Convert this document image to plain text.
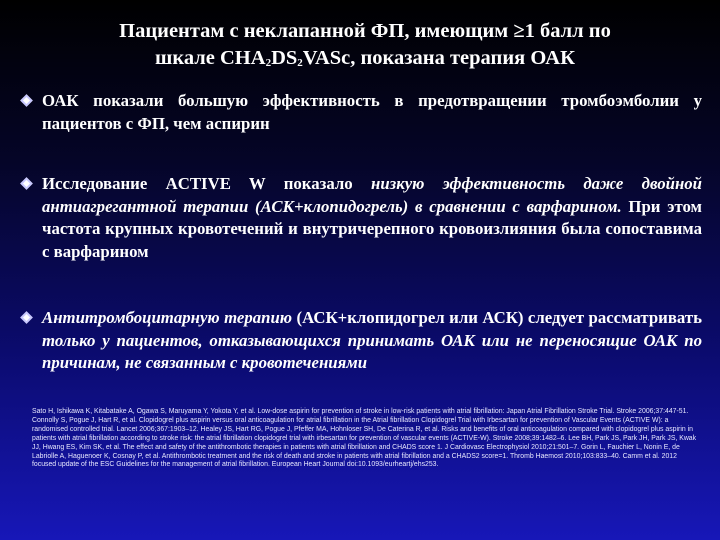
Пациентам с неклапанной ФП, имеющим ≥1 балл по
шкале $CHA_2DS_2VASc$, показана терапия ОАК
ОАК показали большую эффективность в предотвращении тромбоэмболии у пациентов с ФП, чем аспирин
Исследование ACTIVE W показало низкую эффективность даже двойной антиагрегантной терапии (АСК+клопидогрель) в сравнении с варфарином. При этом частота крупных кровотечений и внутричерепного кровоизлияния была сопоставима с варфарином
Антитромбоцитарную терапию (АСК+клопидогрел или АСК) следует рассматривать только у пациентов, отказывающихся принимать ОАК или не переносящие ОАК по причинам, не связанным с кровотечениями
Sato H, Ishikawa K, Kitabatake A, Ogawa S, Maruyama Y, Yokota Y, et al. Low-dose aspirin for prevention of stroke in low-risk patients with atrial fibrillation: Japan Atrial Fibrillation Stroke Trial. Stroke 2006;37:447-51. Connolly S, Pogue J, Hart R, et al. Clopidogrel plus aspirin versus oral anticoagulation for atrial fibrillation in the Atrial fibrillation Clopidogrel Trial with Irbesartan for prevention of Vascular Events (ACTIVE W): a randomised controlled trial. Lancet 2006;367:1903–12. Healey JS, Hart RG, Pogue J, Pfeffer MA, Hohnloser SH, De Caterina R, et al. Risks and benefits of oral anticoagulation compared with clopidogrel plus aspirin in patients with atrial fibrillation according to stroke risk: the atrial fibrillation clopidogrel trial with irbesartan for prevention of vascular events (ACTIVE-W). Stroke 2008;39:1482–6. Lee BH, Park JS, Park JH, Park JS, Kwak JJ, Hwang ES, Kim SK, et al. The effect and safety of the antithrombotic therapies in patients with atrial fibrillation and CHADS score 1. J Cardiovasc Electrophysiol 2010;21:501–7. Gorin L, Fauchier L, Nonin E, de Labriolle A, Haguenoer K, Cosnay P, et al. Antithrombotic treatment and the risk of death and stroke in patients with atrial fibrillation and a CHADS2 score=1. Thromb Haemost 2010;103:833–40. Camm et al. 2012 focused update of the ESC Guidelines for the management of atrial fibrillation. European Heart Journal doi:10.1093/eurheartj/ehs253.
